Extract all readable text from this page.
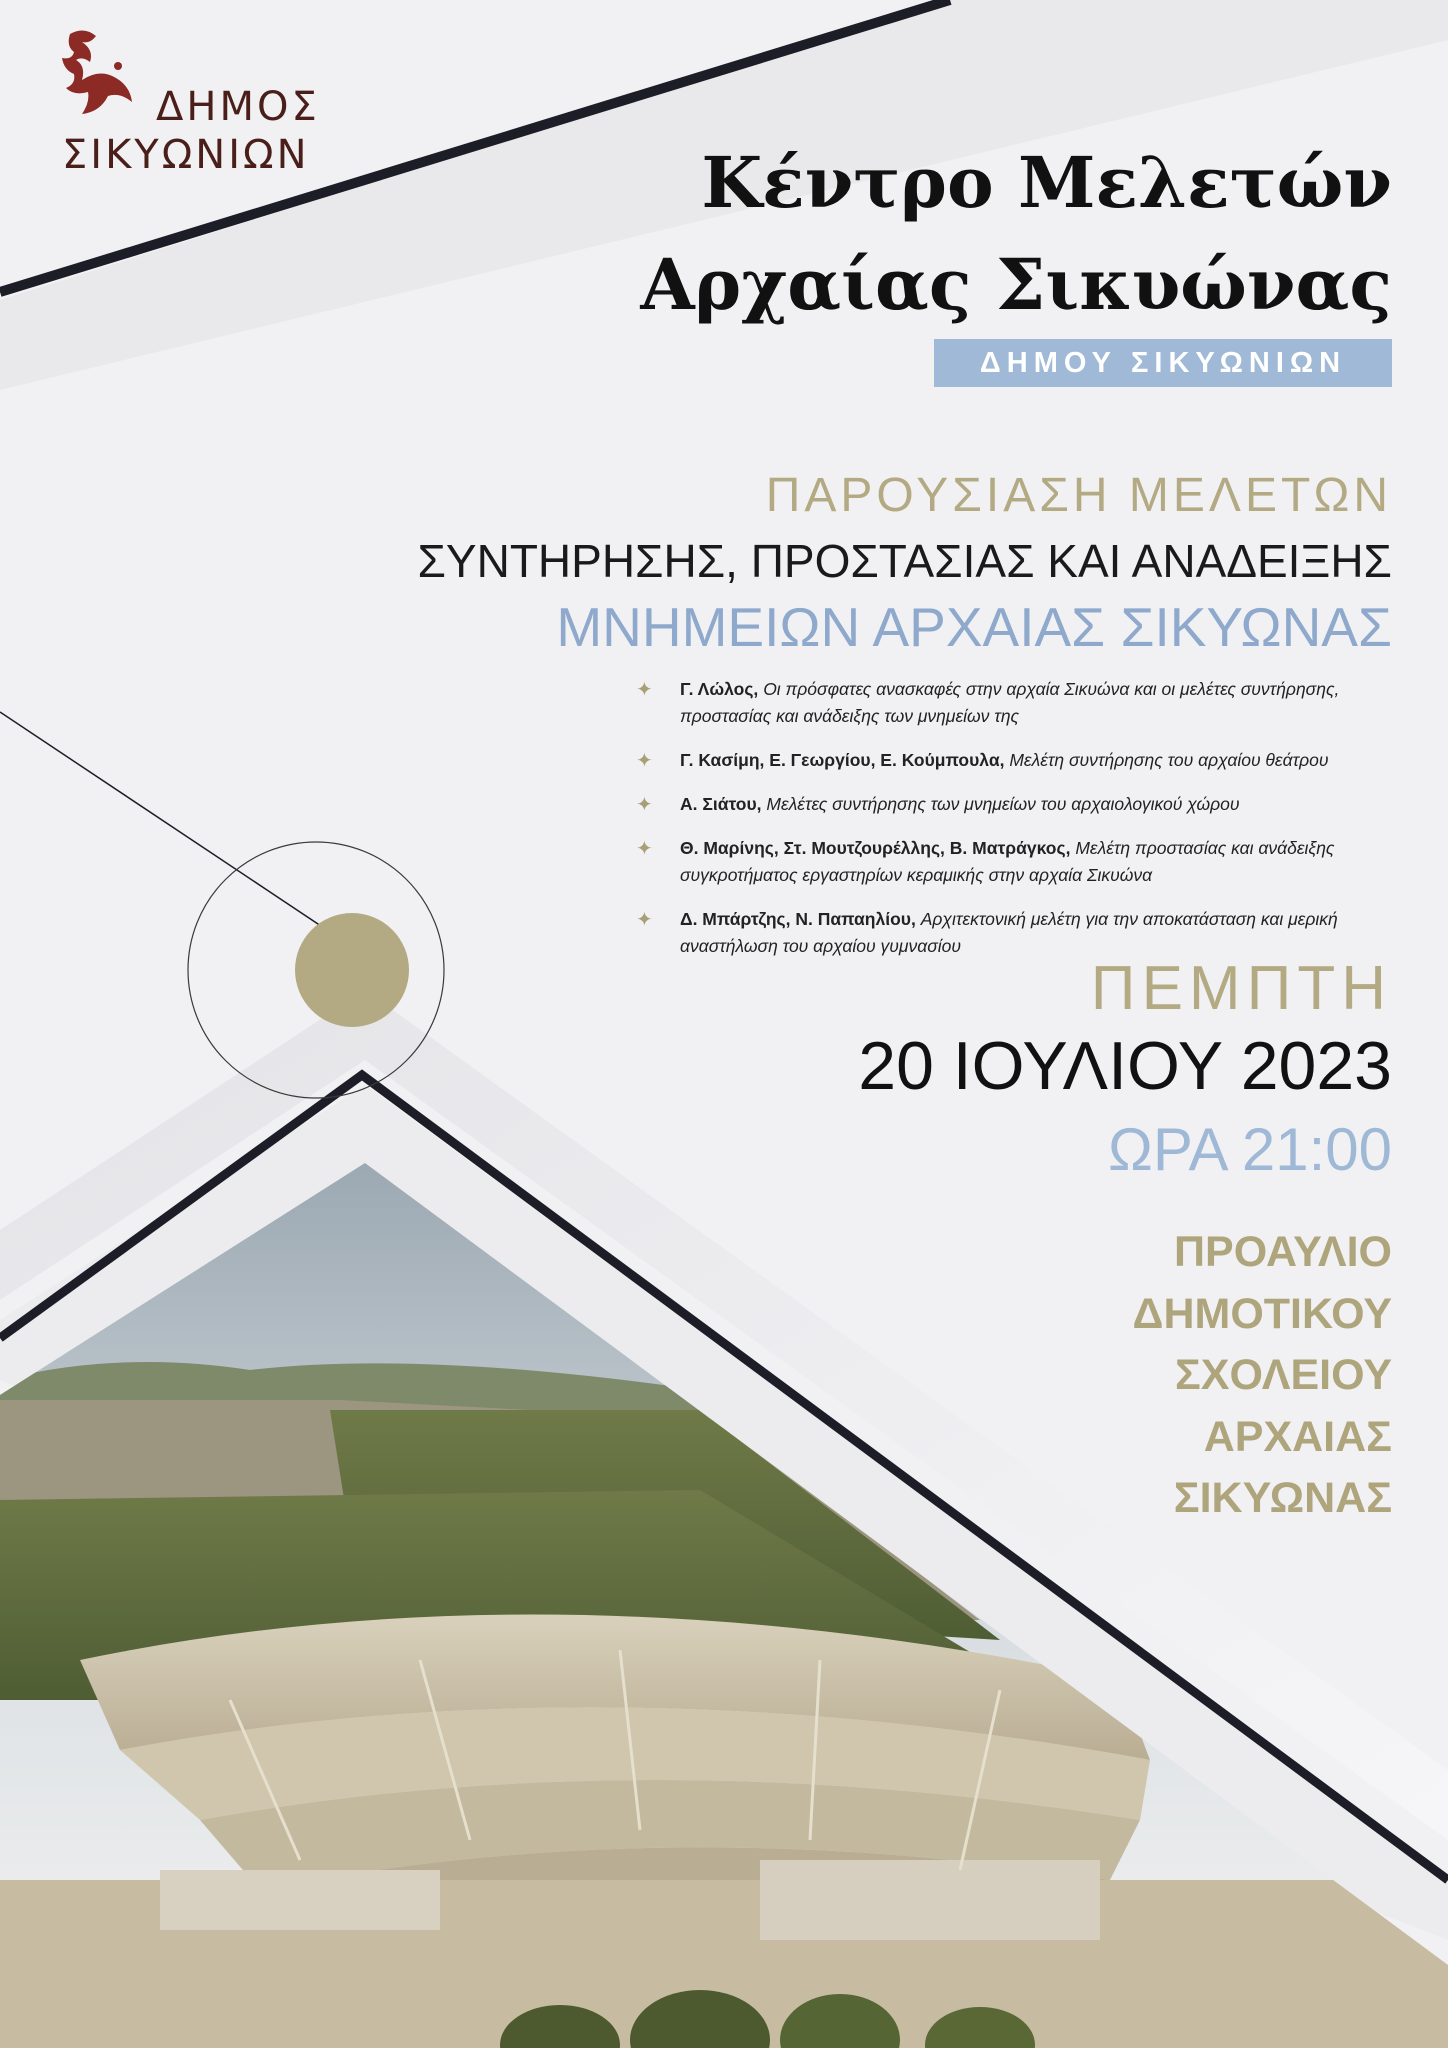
ΔΗΜΟΣ
ΣΙΚΥΩΝΙΩΝ	Κέντρο Μελετών
Αρχαίας Σικυώνας
ΔΗΜΟΥ ΣΙΚΥΩΝΙΩΝ
ΠΑΡΟΥΣΙΑΣΗ ΜΕΛΕΤΩΝ
ΣΥΝΤΗΡΗΣΗΣ, ΠΡΟΣΤΑΣΙΑΣ ΚΑΙ ΑΝΑΔΕΙΞΗΣ
ΜΝΗΜΕΙΩΝ ΑΡΧΑΙΑΣ ΣΙΚΥΩΝΑΣ
✦ Γ. Λώλος, Οι πρόσφατες ανασκαφές στην αρχαία Σικυώνα και οι μελέτες συντήρησης, προστασίας και ανάδειξης των μνημείων της
✦ Γ. Κασίμη, Ε. Γεωργίου, Ε. Κούμπουλα, Μελέτη συντήρησης του αρχαίου θεάτρου
✦ Α. Σιάτου, Μελέτες συντήρησης των μνημείων του αρχαιολογικού χώρου
✦ Θ. Μαρίνης, Στ. Μουτζουρέλλης, Β. Ματράγκος, Μελέτη προστασίας και ανάδειξης συγκροτήματος εργαστηρίων κεραμικής στην αρχαία Σικυώνα
✦ Δ. Μπάρτζης, Ν. Παπαηλίου, Αρχιτεκτονική μελέτη για την αποκατάσταση και μερική αναστήλωση του αρχαίου γυμνασίου
ΠΕΜΠΤΗ
20 ΙΟΥΛΙΟΥ 2023
ΩΡΑ 21:00
ΠΡΟΑΥΛΙΟ
ΔΗΜΟΤΙΚΟΥ
ΣΧΟΛΕΙΟΥ
ΑΡΧΑΙΑΣ
ΣΙΚΥΩΝΑΣ
